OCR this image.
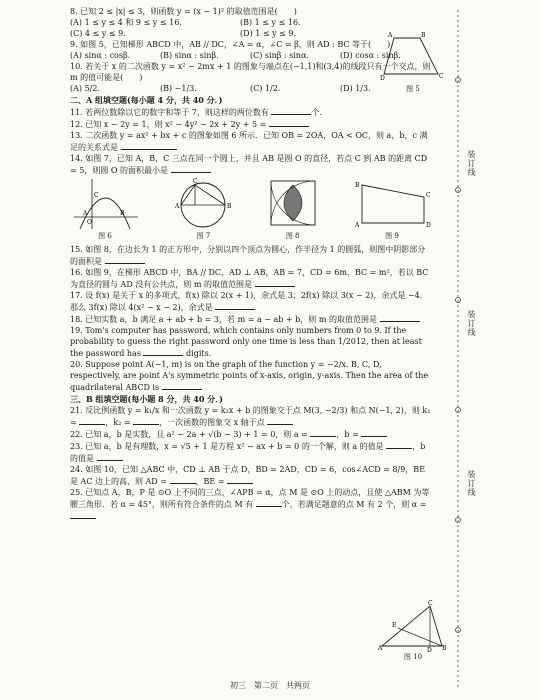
8. 已知 2 ≤ |x| ≤ 3，则函数 y = (x − 1)² 的取值范围是(　　)
(A) 1 ≤ y ≤ 4 和 9 ≤ y ≤ 16.	(B) 1 ≤ y ≤ 16.
(C) 4 ≤ y ≤ 9.	(D) 1 ≤ y ≤ 9.
9. 如图 5，已知梯形 ABCD 中，AB // DC，∠A = α，∠C = β，则 AD : BC 等于(　　)
(A) sinα : cosβ.	(B) sinα : sinβ.	(C) sinβ : sinα.	(D) cosα : sinβ.
10. 若关于 x 的二次函数 y = x² − 2mx + 1 的图象与端点在(−1,1)和(3,4)的线段只有一个交点，则 m 的值可能是(　　)
(A) 5/2.	(B) −1/3.	(C) 1/2.	(D) 1/3.
二、A 组填空题(每小题 4 分，共 40 分．)
11. 若两位数除以它的数字和等于 7，则这样的两位数有	个.
12. 已知 x − 2y = 1，则 x² − 4y² − 2x + 2y + 5 =
13. 二次函数 y = ax² + bx + c 的图象如图 6 所示．已知 OB = 2OA，OA < OC，则 a，b，c 满足的关系式是
14. 如图 7，已知 A，B，C 三点在同一个圆上，并且 AB 是圆 O 的直径，若点 C 到 AB 的距离 CD = 5，则圆 O 的面积最小是
O
A	B
C
图 6
A	B
C
图 7	图 8
B
C
D
A
图 9
15. 如图 8，在边长为 1 的正方形中，分别以四个顶点为圆心，作半径为 1 的圆弧，则图中阴影部分的面积是
16. 如图 9，在梯形 ABCD 中，BA // DC，AD ⊥ AB，AB = 7，CD = 6m，BC = m²，若以 BC 为直径的圆与 AD 没有公共点，则 m 的取值范围是
17. 设 f(x) 是关于 x 的多项式，f(x) 除以 2(x + 1)，余式是 3；2f(x) 除以 3(x − 2)，余式是 −4．那么 3f(x) 除以 4(x² − x − 2)，余式是
18. 已知实数 a，b 满足 a + ab + b = 3，若 m = a − ab + b，则 m 的取值范围是
19. Tom's computer has password, which contains only numbers from 0 to 9. If the probability to guess the right password only one time is less than 1/2012, then at least the password has	digits.
20. Suppose point A(−1, m) is on the graph of the function y = −2/x. B, C, D, respectively, are point A's symmetric points of x-axis, origin, y-axis. Then the area of the quadrilateral ABCD is
三、B 组填空题(每小题 8 分，共 40 分．)
21. 反比例函数 y = k₁/x 和一次函数 y = k₂x + b 的图象交于点 M(3, −2/3) 和点 N(−1, 2)，则 k₁ =	，k₂ =	，一次函数的图象交 x 轴于点
22. 已知 a，b 是实数，且 a² − 2a + √(b − 3) + 1 = 0，则 a =	，b =
23. 已知 a，b 是有理数，x = √5 + 1 是方程 x² − ax + b = 0 的一个解，则 a 的值是	，b 的值是
24. 如图 10，已知 △ABC 中，CD ⊥ AB 于点 D，BD = 2AD，CD = 6，cos∠ACD = 8/9，BE 是 AC 边上的高，则 AD =	，BE =
25. 已知点 A，B，P 是 ⊙O 上不同的三点，∠APB = α，点 M 是 ⊙O 上的动点，且使 △ABM 为等腰三角形．若 α = 45°，则所有符合条件的点 M 有	个，若满足题意的点 M 有 2 个，则 α =
A	B
C
D
图 5
A	B
C
D
E
图 10
装订线
装订线
装订线
初三　第二页　共两页
